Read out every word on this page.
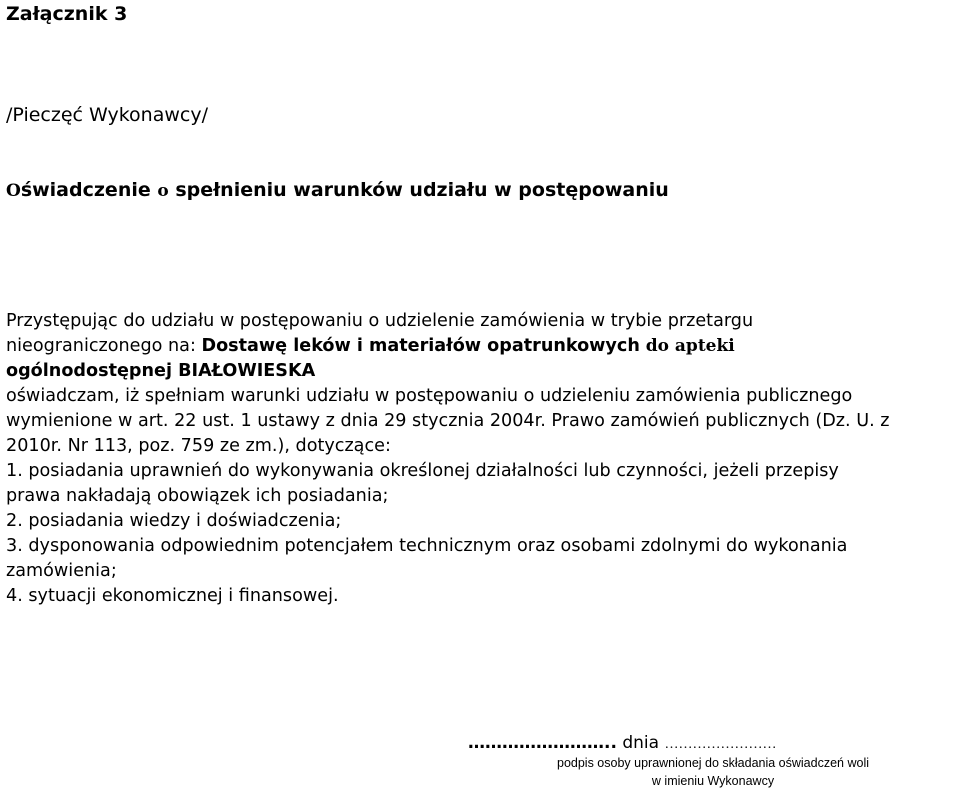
Załącznik 3
/Pieczęć Wykonawcy/
Oświadczenie o spełnieniu warunków udziału w postępowaniu
Przystępując do udziału w postępowaniu o udzielenie zamówienia w trybie przetargu
nieograniczonego na: Dostawę leków i materiałów opatrunkowych do apteki
ogólnodostępnej BIAŁOWIESKA
oświadczam, iż spełniam warunki udziału w postępowaniu o udzieleniu zamówienia publicznego
wymienione w art. 22 ust. 1 ustawy z dnia 29 stycznia 2004r. Prawo zamówień publicznych (Dz. U. z
2010r. Nr 113, poz. 759 ze zm.), dotyczące:
1. posiadania uprawnień do wykonywania określonej działalności lub czynności, jeżeli przepisy
prawa nakładają obowiązek ich posiadania;
2. posiadania wiedzy i doświadczenia;
3. dysponowania odpowiednim potencjałem technicznym oraz osobami zdolnymi do wykonania
zamówienia;
4. sytuacji ekonomicznej i finansowej.
…………………….. dnia ……………………
podpis osoby uprawnionej do składania oświadczeń woli
w imieniu Wykonawcy
